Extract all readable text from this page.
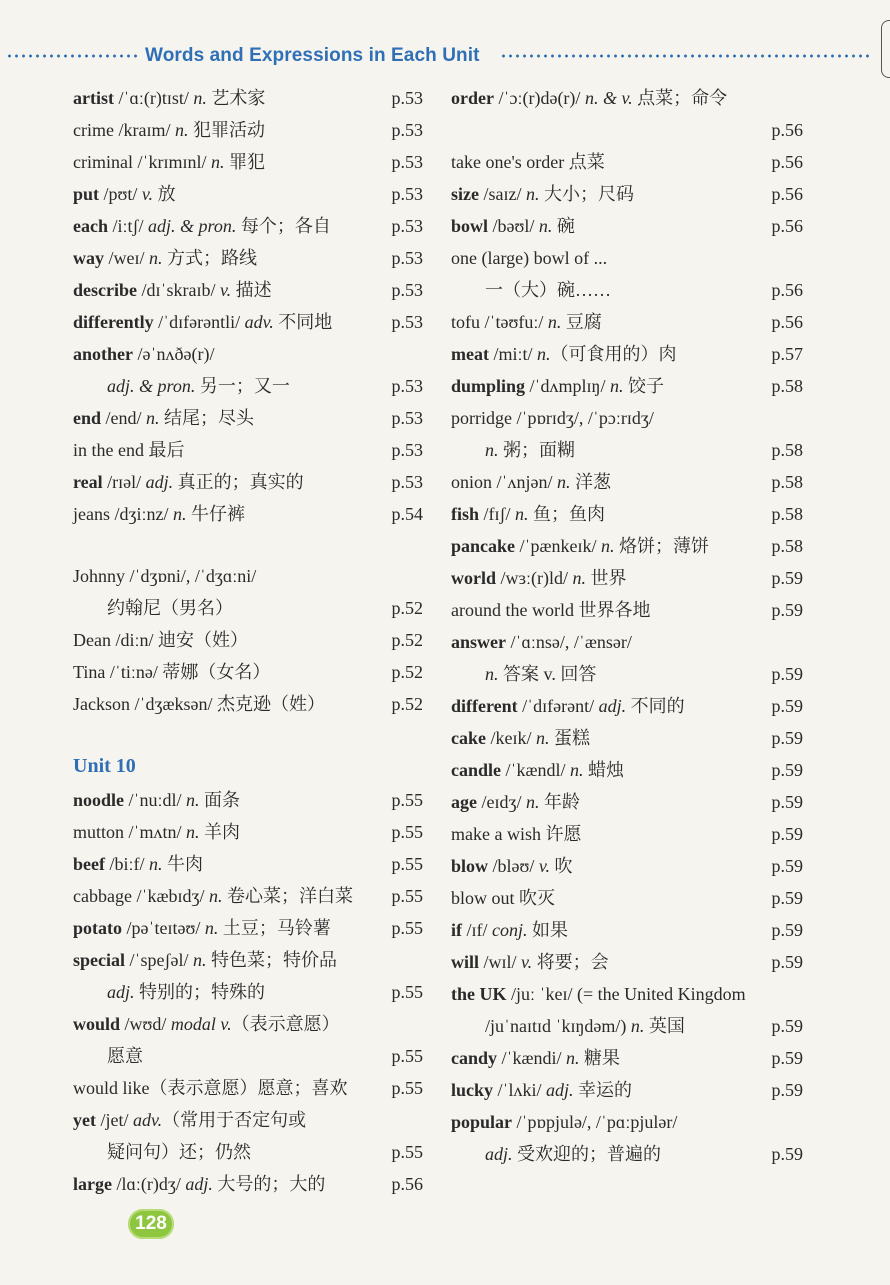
Words and Expressions in Each Unit
artist /ˈɑː(r)tɪst/ n. 艺术家	p.53
crime /kraɪm/ n. 犯罪活动	p.53
criminal /ˈkrɪmɪnl/ n. 罪犯	p.53
put /pʊt/ v. 放	p.53
each /iːtʃ/ adj. & pron. 每个；各自	p.53
way /weɪ/ n. 方式；路线	p.53
describe /dɪˈskraɪb/ v. 描述	p.53
differently /ˈdɪfərəntli/ adv. 不同地	p.53
another /əˈnʌðə(r)/
adj. & pron. 另一；又一	p.53
end /end/ n. 结尾；尽头	p.53
in the end 最后	p.53
real /rɪəl/ adj. 真正的；真实的	p.53
jeans /dʒiːnz/ n. 牛仔裤	p.54
Johnny /ˈdʒɒni/, /ˈdʒɑːni/
约翰尼（男名）	p.52
Dean /diːn/ 迪安（姓）	p.52
Tina /ˈtiːnə/ 蒂娜（女名）	p.52
Jackson /ˈdʒæksən/ 杰克逊（姓）	p.52
Unit 10
noodle /ˈnuːdl/ n. 面条	p.55
mutton /ˈmʌtn/ n. 羊肉	p.55
beef /biːf/ n. 牛肉	p.55
cabbage /ˈkæbɪdʒ/ n. 卷心菜；洋白菜 p.55
potato /pəˈteɪtəʊ/ n. 土豆；马铃薯	p.55
special /ˈspeʃəl/ n. 特色菜；特价品
adj. 特别的；特殊的	p.55
would /wʊd/ modal v.（表示意愿）
愿意	p.55
would like（表示意愿）愿意；喜欢 p.55
yet /jet/ adv.（常用于否定句或
疑问句）还；仍然	p.55
large /lɑː(r)dʒ/ adj. 大号的；大的	p.56
order /ˈɔː(r)də(r)/ n. & v. 点菜；命令
p.56
take one's order 点菜	p.56
size /saɪz/ n. 大小；尺码	p.56
bowl /bəʊl/ n. 碗	p.56
one (large) bowl of ...
一（大）碗……	p.56
tofu /ˈtəʊfuː/ n. 豆腐	p.56
meat /miːt/ n.（可食用的）肉	p.57
dumpling /ˈdʌmplɪŋ/ n. 饺子	p.58
porridge /ˈpɒrɪdʒ/, /ˈpɔːrɪdʒ/
n. 粥；面糊	p.58
onion /ˈʌnjən/ n. 洋葱	p.58
fish /fɪʃ/ n. 鱼；鱼肉	p.58
pancake /ˈpænkeɪk/ n. 烙饼；薄饼	p.58
world /wɜː(r)ld/ n. 世界	p.59
around the world 世界各地	p.59
answer /ˈɑːnsə/, /ˈænsər/
n. 答案 v. 回答	p.59
different /ˈdɪfərənt/ adj. 不同的	p.59
cake /keɪk/ n. 蛋糕	p.59
candle /ˈkændl/ n. 蜡烛	p.59
age /eɪdʒ/ n. 年龄	p.59
make a wish 许愿	p.59
blow /bləʊ/ v. 吹	p.59
blow out 吹灭	p.59
if /ɪf/ conj. 如果	p.59
will /wɪl/ v. 将要；会	p.59
the UK /juː ˈkeɪ/ (= the United Kingdom
/juˈnaɪtɪd ˈkɪŋdəm/) n. 英国	p.59
candy /ˈkændi/ n. 糖果	p.59
lucky /ˈlʌki/ adj. 幸运的	p.59
popular /ˈpɒpjulə/, /ˈpɑːpjulər/
adj. 受欢迎的；普遍的	p.59
128
